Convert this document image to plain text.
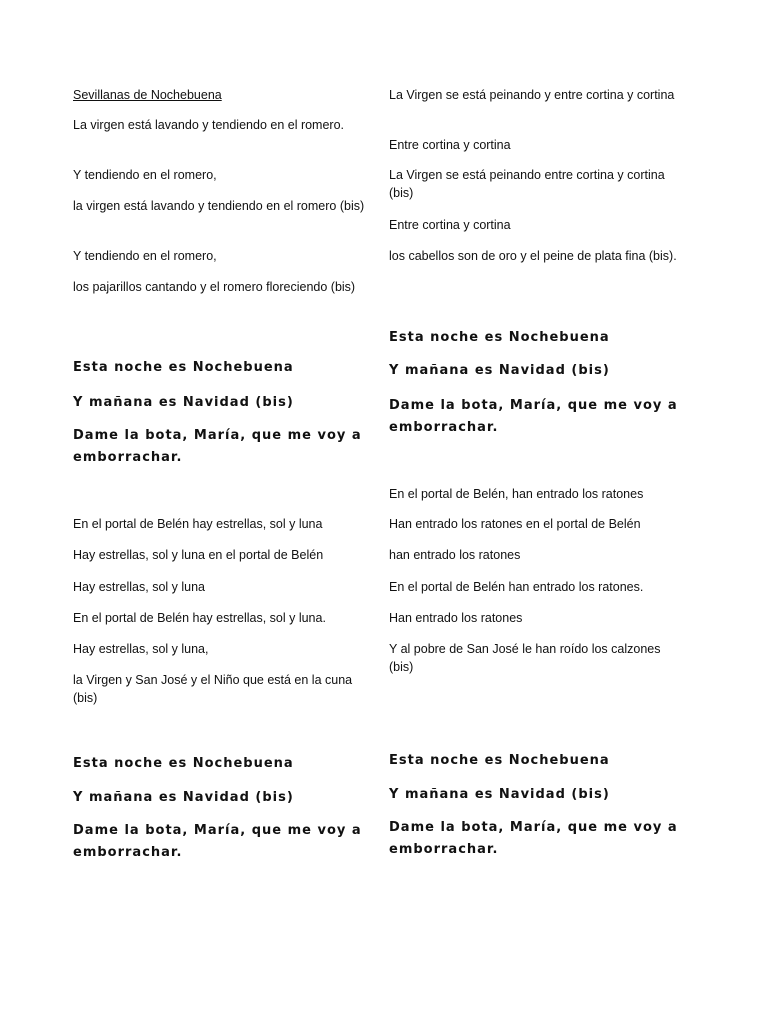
Sevillanas de Nochebuena
La virgen está lavando y tendiendo en el romero.
Y tendiendo en el romero,
la virgen está lavando y tendiendo en el romero (bis)
Y tendiendo en el romero,
los pajarillos cantando y el romero floreciendo (bis)
Esta noche es Nochebuena
Y mañana es Navidad (bis)
Dame la bota, María, que me voy a emborrachar.
En el portal de Belén hay estrellas, sol y luna
Hay estrellas, sol y luna en el portal de Belén
Hay estrellas, sol y luna
En el portal de Belén hay estrellas, sol y luna.
Hay estrellas, sol y luna,
la Virgen y San José y el Niño que está en la cuna (bis)
Esta noche es Nochebuena
Y mañana es Navidad (bis)
Dame la bota, María, que me voy a emborrachar.
La Virgen se está peinando y entre cortina y cortina
Entre cortina y cortina
La Virgen se está peinando entre cortina y cortina (bis)
Entre cortina y cortina
los cabellos son de oro y el peine de plata fina (bis).
Esta noche es Nochebuena
Y mañana es Navidad (bis)
Dame la bota, María, que me voy a emborrachar.
En el portal de Belén, han entrado los ratones
Han entrado los ratones en el portal de Belén
han entrado los ratones
En el portal de Belén han entrado los ratones.
Han entrado los ratones
Y al pobre de San José le han roído los calzones (bis)
Esta noche es Nochebuena
Y mañana es Navidad (bis)
Dame la bota, María, que me voy a emborrachar.
